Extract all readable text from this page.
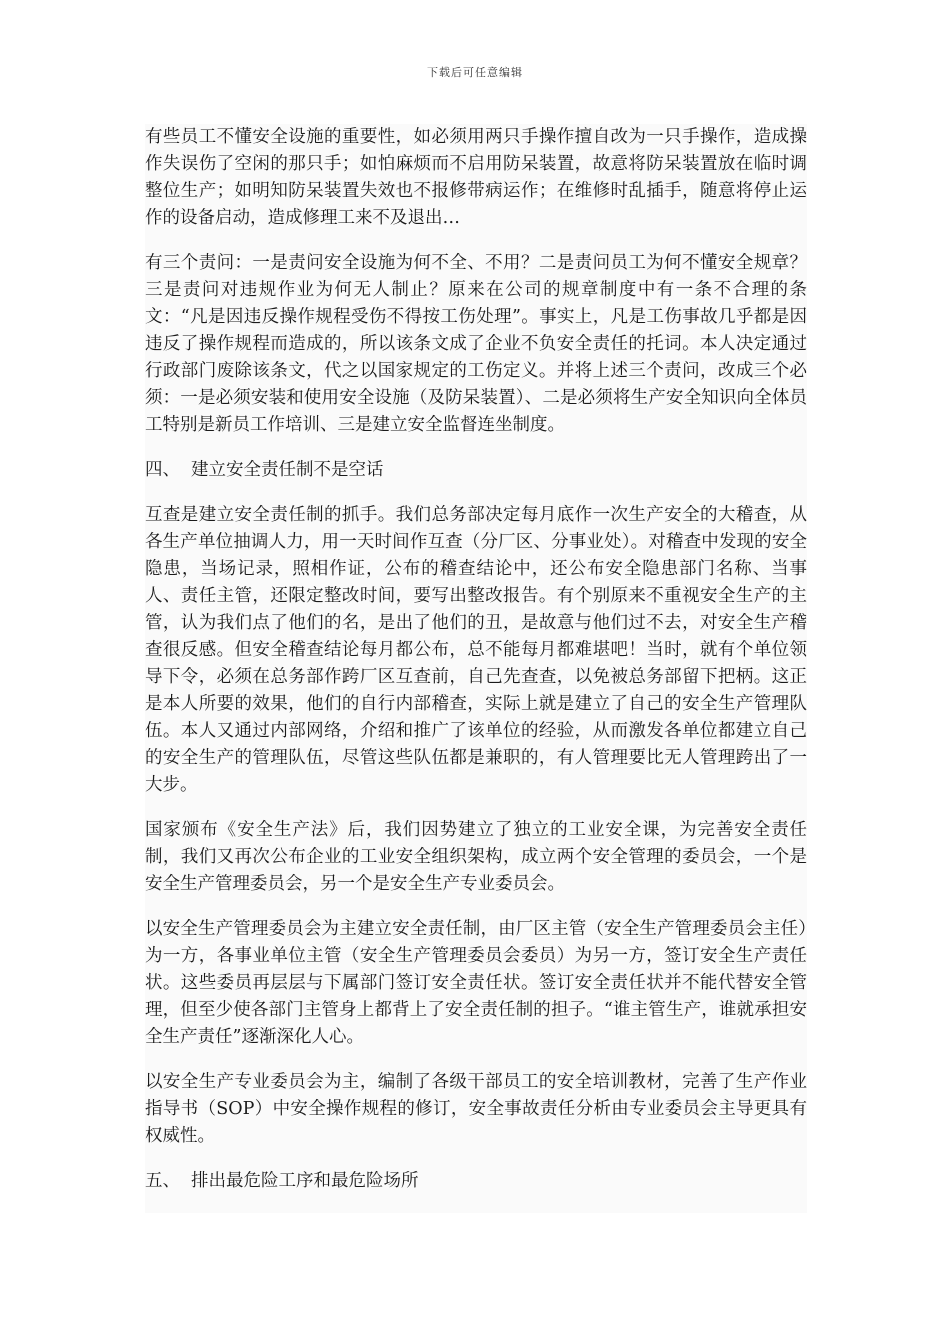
下载后可任意编辑

有些员工不懂安全设施的重要性，如必须用两只手操作擅自改为一只手操作，造成操作失误伤了空闲的那只手；如怕麻烦而不启用防呆装置，故意将防呆装置放在临时调整位生产；如明知防呆装置失效也不报修带病运作；在维修时乱插手，随意将停止运作的设备启动，造成修理工来不及退出…

有三个责问：一是责问安全设施为何不全、不用？二是责问员工为何不懂安全规章？三是责问对违规作业为何无人制止？原来在公司的规章制度中有一条不合理的条文：“凡是因违反操作规程受伤不得按工伤处理”。事实上，凡是工伤事故几乎都是因违反了操作规程而造成的，所以该条文成了企业不负安全责任的托词。本人决定通过行政部门废除该条文，代之以国家规定的工伤定义。并将上述三个责问，改成三个必须：一是必须安装和使用安全设施（及防呆装置）、二是必须将生产安全知识向全体员工特别是新员工作培训、三是建立安全监督连坐制度。

四、 建立安全责任制不是空话

互查是建立安全责任制的抓手。我们总务部决定每月底作一次生产安全的大稽查，从各生产单位抽调人力，用一天时间作互查（分厂区、分事业处）。对稽查中发现的安全隐患，当场记录，照相作证，公布的稽查结论中，还公布安全隐患部门名称、当事人、责任主管，还限定整改时间，要写出整改报告。有个别原来不重视安全生产的主管，认为我们点了他们的名，是出了他们的丑，是故意与他们过不去，对安全生产稽查很反感。但安全稽查结论每月都公布，总不能每月都难堪吧！当时，就有个单位领导下令，必须在总务部作跨厂区互查前，自己先查查，以免被总务部留下把柄。这正是本人所要的效果，他们的自行内部稽查，实际上就是建立了自己的安全生产管理队伍。本人又通过内部网络，介绍和推广了该单位的经验，从而激发各单位都建立自己的安全生产的管理队伍，尽管这些队伍都是兼职的，有人管理要比无人管理跨出了一大步。

国家颁布《安全生产法》后，我们因势建立了独立的工业安全课，为完善安全责任制，我们又再次公布企业的工业安全组织架构，成立两个安全管理的委员会，一个是安全生产管理委员会，另一个是安全生产专业委员会。

以安全生产管理委员会为主建立安全责任制，由厂区主管（安全生产管理委员会主任）为一方，各事业单位主管（安全生产管理委员会委员）为另一方，签订安全生产责任状。这些委员再层层与下属部门签订安全责任状。签订安全责任状并不能代替安全管理，但至少使各部门主管身上都背上了安全责任制的担子。“谁主管生产，谁就承担安全生产责任”逐渐深化人心。

以安全生产专业委员会为主，编制了各级干部员工的安全培训教材，完善了生产作业指导书（SOP）中安全操作规程的修订，安全事故责任分析由专业委员会主导更具有权威性。

五、 排出最危险工序和最危险场所
